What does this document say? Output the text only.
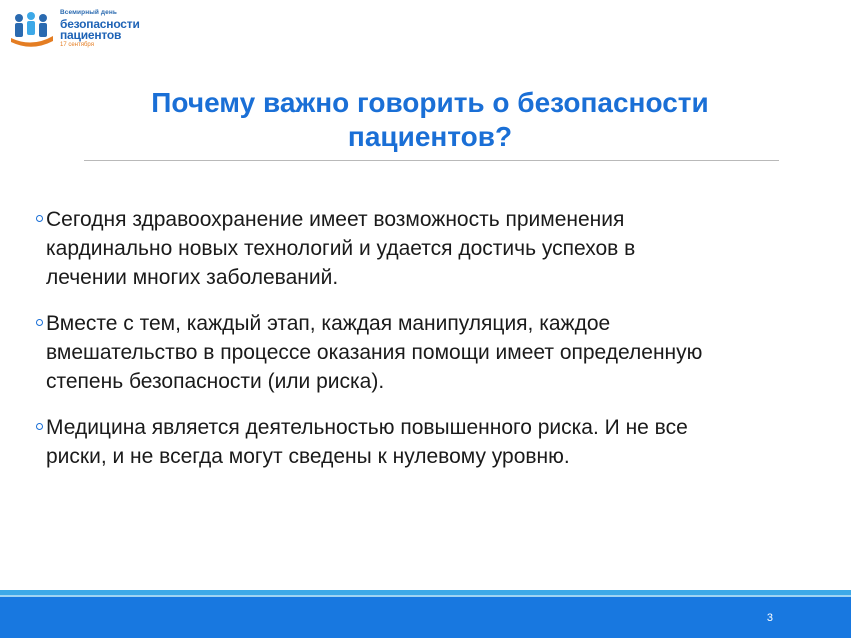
Всемирный день
безопасности
пациентов
17 сентября
Почему важно говорить о безопасности
пациентов?
Сегодня здравоохранение имеет возможность применения
кардинально новых технологий и удается достичь успехов в
лечении многих заболеваний.
Вместе с тем, каждый этап, каждая манипуляция, каждое
вмешательство в процессе оказания помощи имеет определенную
степень безопасности (или риска).
Медицина является деятельностью повышенного риска. И не все
риски, и не всегда могут сведены к нулевому уровню.
3
